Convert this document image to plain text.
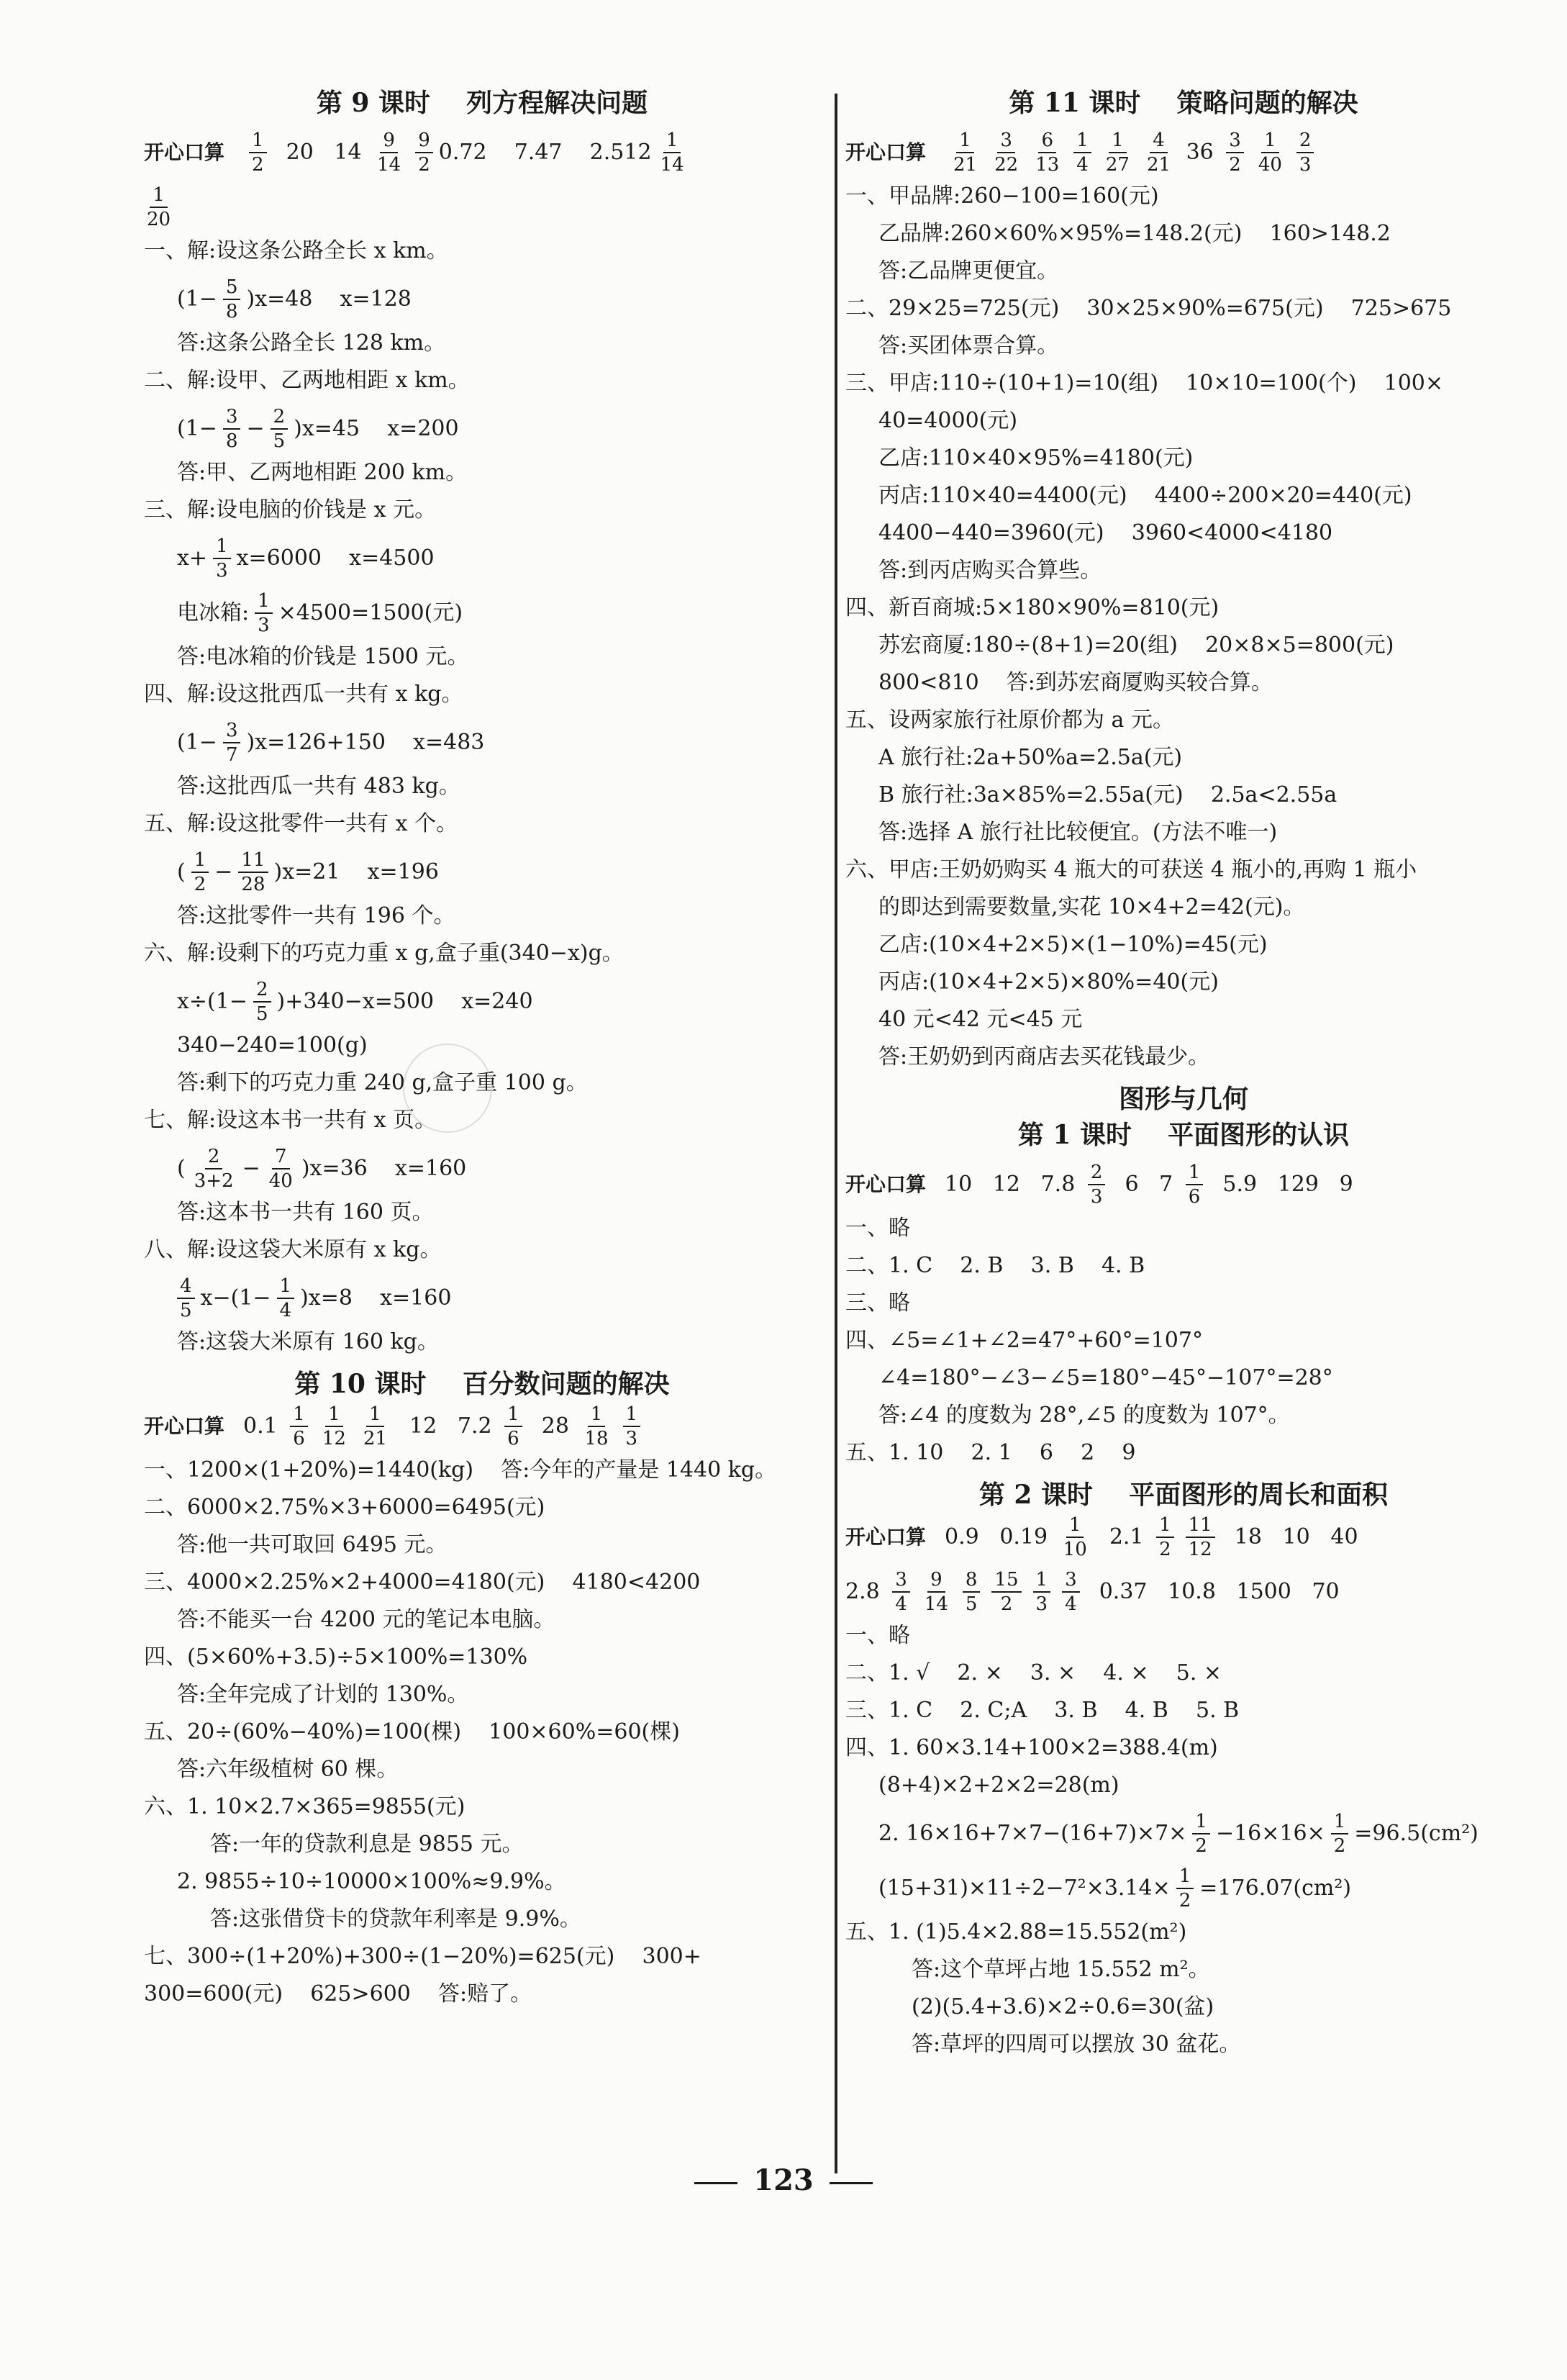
第 9 课时    列方程解决问题
开心口算 $\frac{1}{2} 20$   $14 \frac{9}{14} \frac{9}{2} 0.72$    7.47    $2.512 \frac{1}{14}$
$\frac{1}{20}$
一、解:设这条公路全长 x km。
($1- \frac{5}{8}$ ) x=48    x=128
答:这条公路全长 128 km。
二、解:设甲、乙两地相距 x km。
($1- \frac{3}{8} - \frac{2}{5}$ ) x=45    x=200
答:甲、乙两地相距 200 km。
三、解:设电脑的价钱是 x 元。
$x+ \frac{1}{3} x=6000$    x=4500
电冰箱: $\frac{1}{3} \times 4500=1500$(元)
答:电冰箱的价钱是 1500 元。
四、解:设这批西瓜一共有 x kg。
($1- \frac{3}{7}$ ) x=126+150    x=483
答:这批西瓜一共有 483 kg。
五、解:设这批零件一共有 x 个。
( $\frac{1}{2} - \frac{11}{28}$ ) x=21    x=196
答:这批零件一共有 196 个。
六、解:设剩下的巧克力重 x g,盒子重(340−x)g。
$x\div(1- \frac{2}{5} )+340-x=500$    x=240
340−240=100(g)
答:剩下的巧克力重 240 g,盒子重 100 g。
七、解:设这本书一共有 x 页。
( $\frac{2}{3+2} - \frac{7}{40}$ ) x=36    x=160
答:这本书一共有 160 页。
八、解:设这袋大米原有 x kg。
$\frac{4}{5} x-(1- \frac{1}{4}$ ) x=8    x=160
答:这袋大米原有 160 kg。
第 10 课时    百分数问题的解决
开心口算 $0.1 \frac{1}{6} \frac{1}{12} \frac{1}{21} 12$   $7.2 \frac{1}{6} 28 \frac{1}{18} \frac{1}{3}$
一、1200×(1+20%)=1440(kg)    答:今年的产量是 1440 kg。
二、6000×2.75%×3+6000=6495(元)
答:他一共可取回 6495 元。
三、4000×2.25%×2+4000=4180(元)    4180<4200
答:不能买一台 4200 元的笔记本电脑。
四、(5×60%+3.5)÷5×100%=130%
答:全年完成了计划的 130%。
五、20÷(60%−40%)=100(棵)    100×60%=60(棵)
答:六年级植树 60 棵。
六、1. 10×2.7×365=9855(元)
答:一年的贷款利息是 9855 元。
2. 9855÷10÷10000×100%≈9.9%。
答:这张借贷卡的贷款年利率是 9.9%。
七、300÷(1+20%)+300÷(1−20%)=625(元)    300+
300=600(元)    625>600    答:赔了。
第 11 课时    策略问题的解决
开心口算 $\frac{1}{21} \frac{3}{22} \frac{6}{13} \frac{1}{4} \frac{1}{27} \frac{4}{21} 36 \frac{3}{2} \frac{1}{40} \frac{2}{3}$
一、甲品牌:260−100=160(元)
乙品牌:260×60%×95%=148.2(元)    160>148.2
答:乙品牌更便宜。
二、29×25=725(元)    30×25×90%=675(元)    725>675
答:买团体票合算。
三、甲店:110÷(10+1)=10(组)    10×10=100(个)    100×
40=4000(元)
乙店:110×40×95%=4180(元)
丙店:110×40=4400(元)    4400÷200×20=440(元)
4400−440=3960(元)    3960<4000<4180
答:到丙店购买合算些。
四、新百商城:5×180×90%=810(元)
苏宏商厦:180÷(8+1)=20(组)    20×8×5=800(元)
800<810    答:到苏宏商厦购买较合算。
五、设两家旅行社原价都为 a 元。
A 旅行社:2a+50%a=2.5a(元)
B 旅行社:3a×85%=2.55a(元)    2.5a<2.55a
答:选择 A 旅行社比较便宜。(方法不唯一)
六、甲店:王奶奶购买 4 瓶大的可获送 4 瓶小的,再购 1 瓶小
的即达到需要数量,实花 10×4+2=42(元)。
乙店:(10×4+2×5)×(1−10%)=45(元)
丙店:(10×4+2×5)×80%=40(元)
40 元<42 元<45 元
答:王奶奶到丙商店去买花钱最少。
图形与几何
第 1 课时    平面图形的认识
开心口算 10   12   $7.8 \frac{2}{3} 6$   $7 \frac{1}{6} 5.9$   129   9
一、略
二、1. C    2. B    3. B    4. B
三、略
四、∠5=∠1+∠2=47°+60°=107°
∠4=180°−∠3−∠5=180°−45°−107°=28°
答:∠4 的度数为 28°,∠5 的度数为 107°。
五、1. 10    2. 1    6    2    9
第 2 课时    平面图形的周长和面积
开心口算 0.9   $0.19 \frac{1}{10} 2.1 \frac{1}{2} \frac{11}{12} 18$   10   40
$2.8 \frac{3}{4} \frac{9}{14} \frac{8}{5} \frac{15}{2} \frac{1}{3} \frac{3}{4} 0.37$   10.8   1500   70
一、略
二、1. √    2. ×    3. ×    4. ×    5. ×
三、1. C    2. C;A    3. B    4. B    5. B
四、1. 60×3.14+100×2=388.4(m)
(8+4)×2+2×2=28(m)
2. $16\times 16+7\times 7-(16+7)\times 7\times \frac{1}{2} -16\times 16\times \frac{1}{2} =96.5(cm^2)$
$(15+31)\times 11\div 2-7^2\times 3.14\times \frac{1}{2} =176.07(cm^2)$
五、1. (1)5.4×2.88=15.552(m²)
答:这个草坪占地 15.552 m²。
(2)(5.4+3.6)×2÷0.6=30(盆)
答:草坪的四周可以摆放 30 盆花。
123
